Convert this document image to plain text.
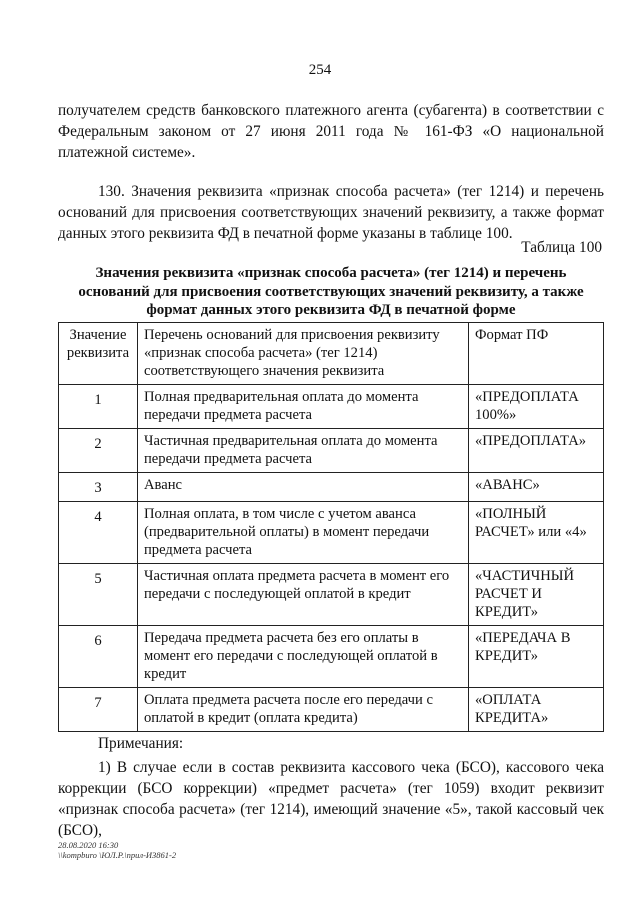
254
получателем средств банковского платежного агента (субагента) в соответствии с Федеральным законом от 27 июня 2011 года № 161-ФЗ «О национальной платежной системе».
130. Значения реквизита «признак способа расчета» (тег 1214) и перечень оснований для присвоения соответствующих значений реквизиту, а также формат данных этого реквизита ФД в печатной форме указаны в таблице 100.
Таблица 100
Значения реквизита «признак способа расчета» (тег 1214) и перечень оснований для присвоения соответствующих значений реквизиту, а также формат данных этого реквизита ФД в печатной форме
Значение реквизита	Перечень оснований для присвоения реквизиту «признак способа расчета» (тег 1214) соответствующего значения реквизита	Формат ПФ
1	Полная предварительная оплата до момента передачи предмета расчета	«ПРЕДОПЛАТА 100%»
2	Частичная предварительная оплата до момента передачи предмета расчета	«ПРЕДОПЛАТА»
3	Аванс	«АВАНС»
4	Полная оплата, в том числе с учетом аванса (предварительной оплаты) в момент передачи предмета расчета	«ПОЛНЫЙ РАСЧЕТ» или «4»
5	Частичная оплата предмета расчета в момент его передачи с последующей оплатой в кредит	«ЧАСТИЧНЫЙ РАСЧЕТ И КРЕДИТ»
6	Передача предмета расчета без его оплаты в момент его передачи с последующей оплатой в кредит	«ПЕРЕДАЧА В КРЕДИТ»
7	Оплата предмета расчета после его передачи с оплатой в кредит (оплата кредита)	«ОПЛАТА КРЕДИТА»
Примечания:
1) В случае если в состав реквизита кассового чека (БСО), кассового чека коррекции (БСО коррекции) «предмет расчета» (тег 1059) входит реквизит «признак способа расчета» (тег 1214), имеющий значение «5», такой кассовый чек (БСО),
28.08.2020 16:30
\\kompburo \ЮЛ.Р.\прил-ИЗ861-2
